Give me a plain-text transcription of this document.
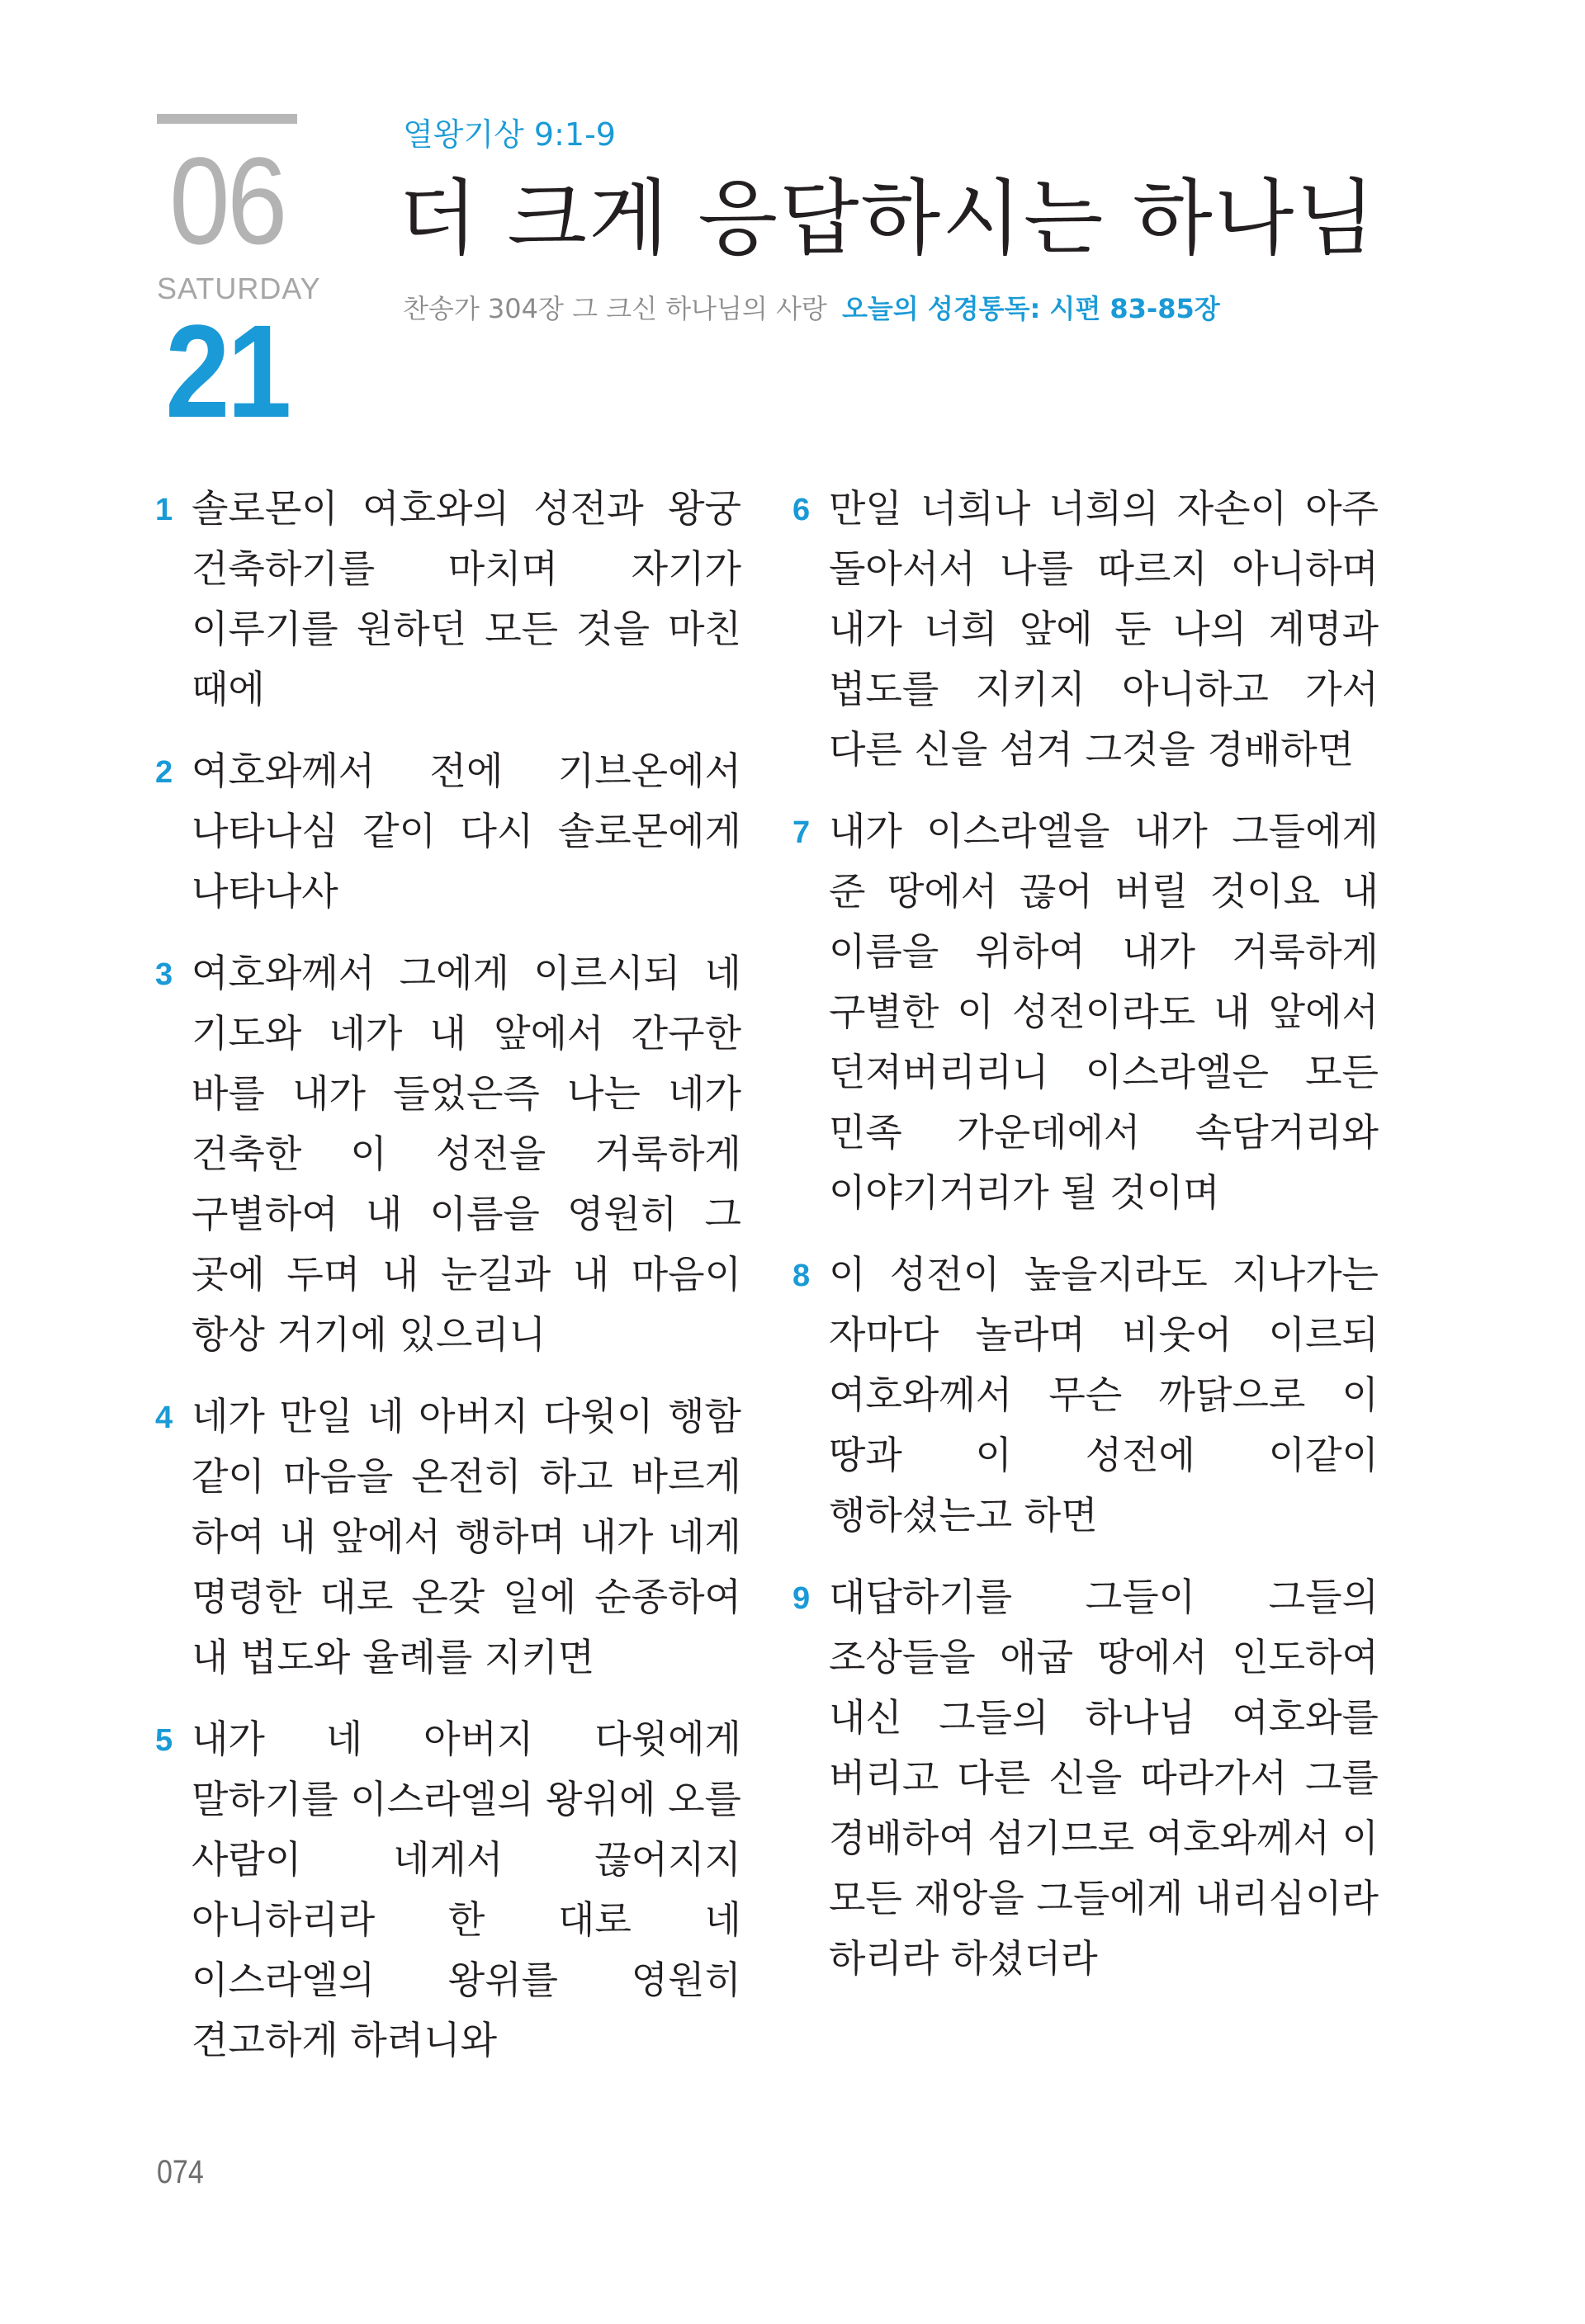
06
SATURDAY
21
열왕기상 9:1-9
더 크게 응답하시는 하나님
찬송가 304장 그 크신 하나님의 사랑 오늘의 성경통독: 시편 83-85장
1 솔로몬이 여호와의 성전과 왕궁 건축하기를 마치며 자기가 이루기를 원하던 모든 것을 마친 때에
2 여호와께서 전에 기브온에서 나타나심 같이 다시 솔로몬에게 나타나사
3 여호와께서 그에게 이르시되 네 기도와 네가 내 앞에서 간구한 바를 내가 들었은즉 나는 네가 건축한 이 성전을 거룩하게 구별하여 내 이름을 영원히 그 곳에 두며 내 눈길과 내 마음이 항상 거기에 있으리니
4 네가 만일 네 아버지 다윗이 행함 같이 마음을 온전히 하고 바르게 하여 내 앞에서 행하며 내가 네게 명령한 대로 온갖 일에 순종하여 내 법도와 율례를 지키면
5 내가 네 아버지 다윗에게 말하기를 이스라엘의 왕위에 오를 사람이 네게서 끊어지지 아니하리라 한 대로 네 이스라엘의 왕위를 영원히 견고하게 하려니와
6 만일 너희나 너희의 자손이 아주 돌아서서 나를 따르지 아니하며 내가 너희 앞에 둔 나의 계명과 법도를 지키지 아니하고 가서 다른 신을 섬겨 그것을 경배하면
7 내가 이스라엘을 내가 그들에게 준 땅에서 끊어 버릴 것이요 내 이름을 위하여 내가 거룩하게 구별한 이 성전이라도 내 앞에서 던져버리리니 이스라엘은 모든 민족 가운데에서 속담거리와 이야기거리가 될 것이며
8 이 성전이 높을지라도 지나가는 자마다 놀라며 비웃어 이르되 여호와께서 무슨 까닭으로 이 땅과 이 성전에 이같이 행하셨는고 하면
9 대답하기를 그들이 그들의 조상들을 애굽 땅에서 인도하여 내신 그들의 하나님 여호와를 버리고 다른 신을 따라가서 그를 경배하여 섬기므로 여호와께서 이 모든 재앙을 그들에게 내리심이라 하리라 하셨더라
074
